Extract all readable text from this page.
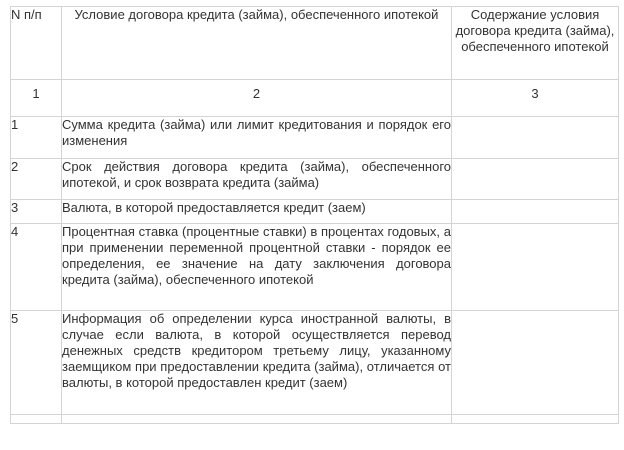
N п/п	Условие договора кредита (займа), обеспеченного ипотекой	Содержание условия договора кредита (займа), обеспеченного ипотекой
1	2	3
1	Сумма кредита (займа) или лимит кредитования и порядок его изменения	
2	Срок действия договора кредита (займа), обеспеченного ипотекой, и срок возврата кредита (займа)	
3	Валюта, в которой предоставляется кредит (заем)	
4	Процентная ставка (процентные ставки) в процентах годовых, а при применении переменной процентной ставки - порядок ее определения, ее значение на дату заключения договора кредита (займа), обеспеченного ипотекой	
5	Информация об определении курса иностранной валюты, в случае если валюта, в которой осуществляется перевод денежных средств кредитором третьему лицу, указанному заемщиком при предоставлении кредита (займа), отличается от валюты, в которой предоставлен кредит (заем)	
